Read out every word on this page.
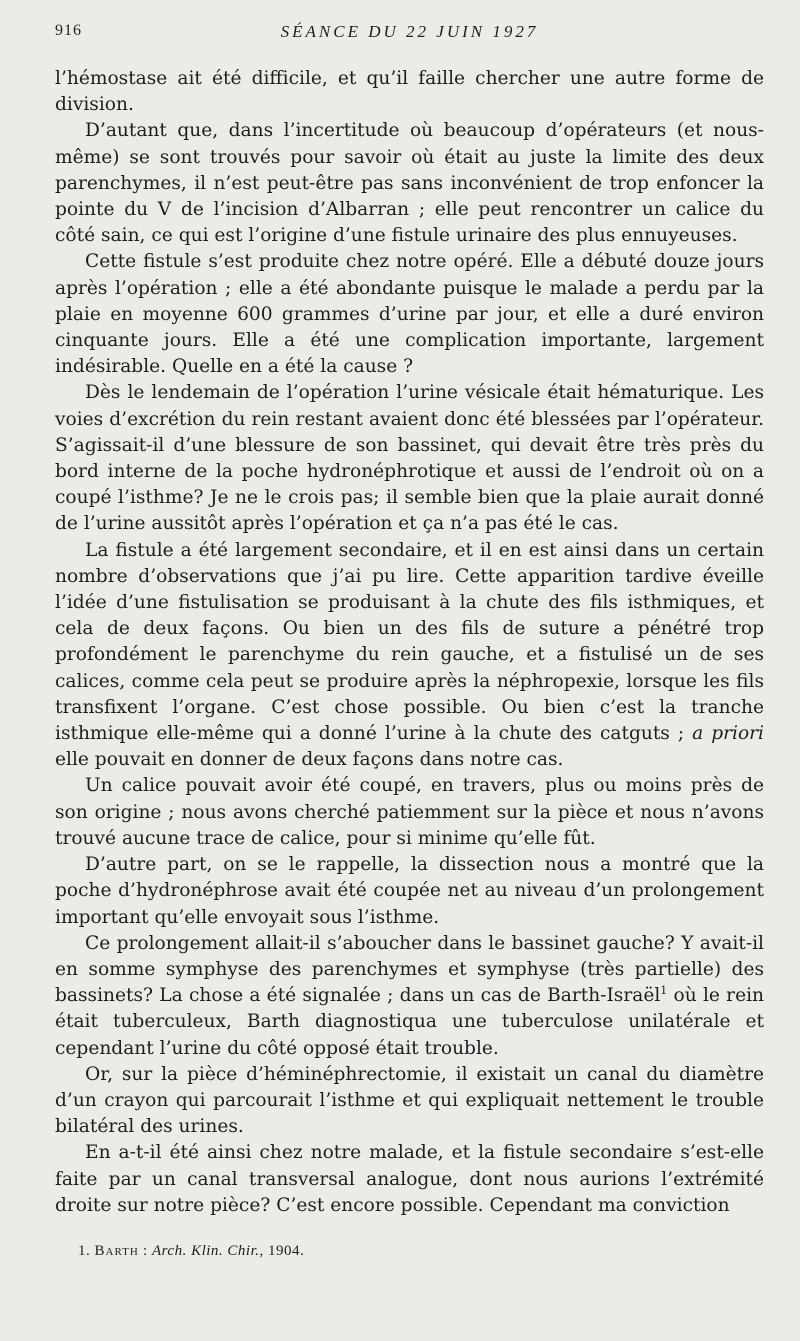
916	SÉANCE DU 22 JUIN 1927

l’hémostase ait été difficile, et qu’il faille chercher une autre forme de division.

D’autant que, dans l’incertitude où beaucoup d’opérateurs (et nous-même) se sont trouvés pour savoir où était au juste la limite des deux parenchymes, il n’est peut-être pas sans inconvénient de trop enfoncer la pointe du V de l’incision d’Albarran ; elle peut rencontrer un calice du côté sain, ce qui est l’origine d’une fistule urinaire des plus ennuyeuses.

Cette fistule s’est produite chez notre opéré. Elle a débuté douze jours après l’opération ; elle a été abondante puisque le malade a perdu par la plaie en moyenne 600 grammes d’urine par jour, et elle a duré environ cinquante jours. Elle a été une complication importante, largement indésirable. Quelle en a été la cause ?

Dès le lendemain de l’opération l’urine vésicale était hématurique. Les voies d’excrétion du rein restant avaient donc été blessées par l’opérateur. S’agissait-il d’une blessure de son bassinet, qui devait être très près du bord interne de la poche hydronéphrotique et aussi de l’endroit où on a coupé l’isthme? Je ne le crois pas; il semble bien que la plaie aurait donné de l’urine aussitôt après l’opération et ça n’a pas été le cas.

La fistule a été largement secondaire, et il en est ainsi dans un certain nombre d’observations que j’ai pu lire. Cette apparition tardive éveille l’idée d’une fistulisation se produisant à la chute des fils isthmiques, et cela de deux façons. Ou bien un des fils de suture a pénétré trop profondément le parenchyme du rein gauche, et a fistulisé un de ses calices, comme cela peut se produire après la néphropexie, lorsque les fils transfixent l’organe. C’est chose possible. Ou bien c’est la tranche isthmique elle-même qui a donné l’urine à la chute des catguts ; a priori elle pouvait en donner de deux façons dans notre cas.

Un calice pouvait avoir été coupé, en travers, plus ou moins près de son origine ; nous avons cherché patiemment sur la pièce et nous n’avons trouvé aucune trace de calice, pour si minime qu’elle fût.

D’autre part, on se le rappelle, la dissection nous a montré que la poche d’hydronéphrose avait été coupée net au niveau d’un prolongement important qu’elle envoyait sous l’isthme.

Ce prolongement allait-il s’aboucher dans le bassinet gauche? Y avait-il en somme symphyse des parenchymes et symphyse (très partielle) des bassinets? La chose a été signalée ; dans un cas de Barth-Israël$^1$ où le rein était tuberculeux, Barth diagnostiqua une tuberculose unilatérale et cependant l’urine du côté opposé était trouble.

Or, sur la pièce d’héminéphrectomie, il existait un canal du diamètre d’un crayon qui parcourait l’isthme et qui expliquait nettement le trouble bilatéral des urines.

En a-t-il été ainsi chez notre malade, et la fistule secondaire s’est-elle faite par un canal transversal analogue, dont nous aurions l’extrémité droite sur notre pièce? C’est encore possible. Cependant ma conviction

1. Barth : Arch. Klin. Chir., 1904.
